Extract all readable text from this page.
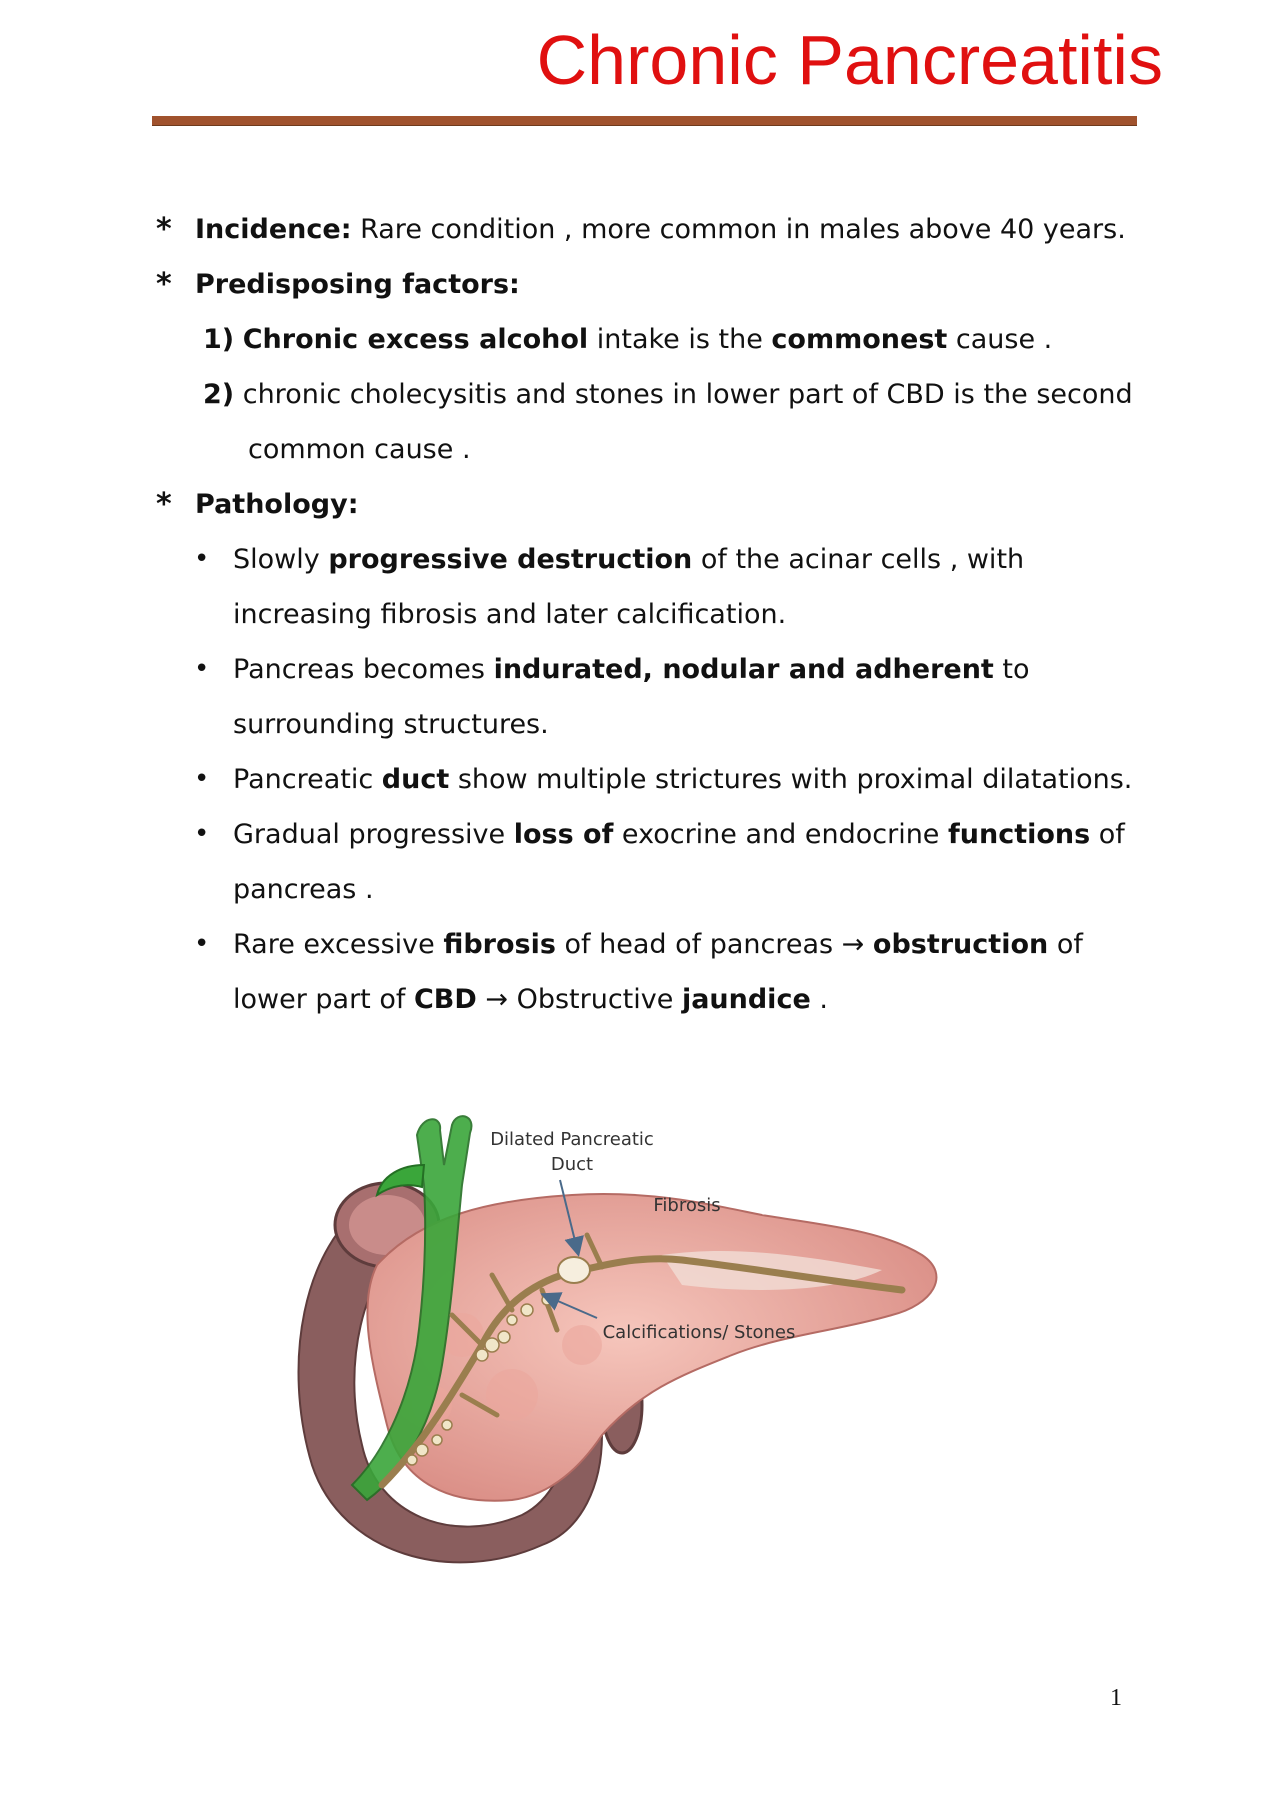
Chronic Pancreatitis
* Incidence: Rare condition , more common in males above 40 years.
* Predisposing factors:
1) Chronic excess alcohol intake is the commonest cause .
2) chronic cholecysitis and stones in lower part of CBD is the second
common cause .
* Pathology:
• Slowly progressive destruction of the acinar cells , with
increasing fibrosis and later calcification.
• Pancreas becomes indurated, nodular and adherent to
surrounding structures.
• Pancreatic duct show multiple strictures with proximal dilatations.
• Gradual progressive loss of exocrine and endocrine functions of
pancreas .
• Rare excessive fibrosis of head of pancreas → obstruction of
lower part of CBD → Obstructive jaundice .
Dilated Pancreatic
Duct
Fibrosis
Calcifications/ Stones
1
